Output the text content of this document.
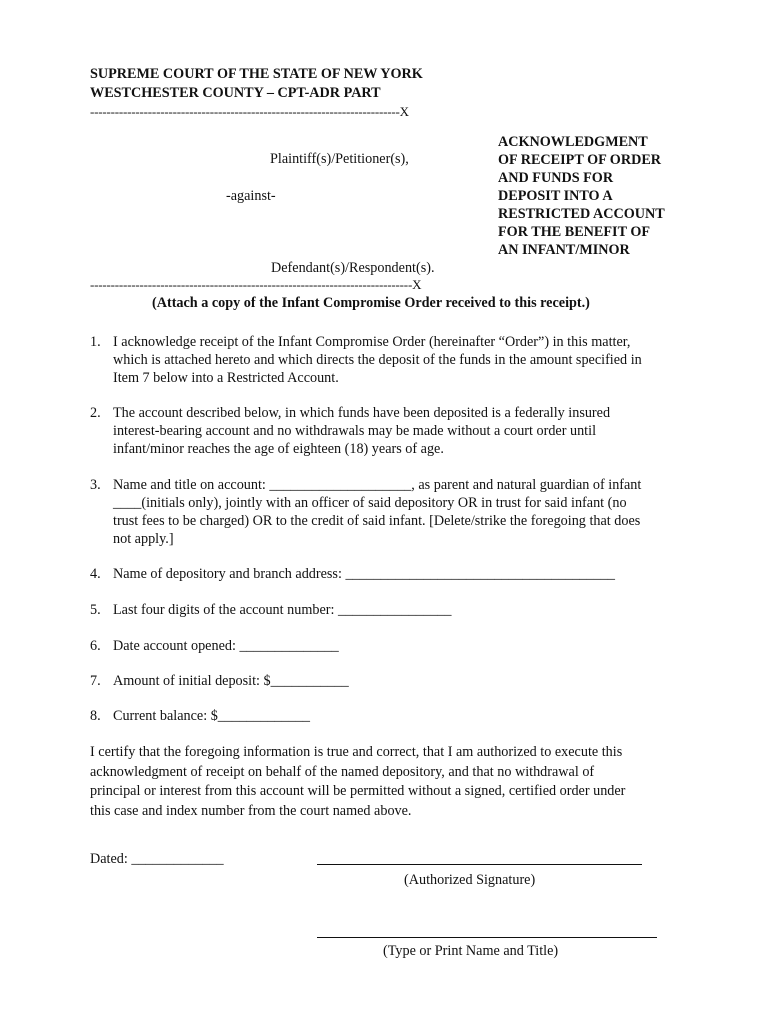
SUPREME COURT OF THE STATE OF NEW YORK
WESTCHESTER COUNTY – CPT-ADR PART
---------------------------------------------------------------------------X
Plaintiff(s)/Petitioner(s),
-against-
Defendant(s)/Respondent(s).
------------------------------------------------------------------------------X
ACKNOWLEDGMENT
OF RECEIPT OF ORDER
AND FUNDS FOR
DEPOSIT INTO A
RESTRICTED ACCOUNT
FOR THE BENEFIT OF
AN INFANT/MINOR
(Attach a copy of the Infant Compromise Order received to this receipt.)
1. I acknowledge receipt of the Infant Compromise Order (hereinafter “Order”) in this matter,
which is attached hereto and which directs the deposit of the funds in the amount specified in
Item 7 below into a Restricted Account.
2. The account described below, in which funds have been deposited is a federally insured
interest-bearing account and no withdrawals may be made without a court order until
infant/minor reaches the age of eighteen (18) years of age.
3. Name and title on account: ____________________, as parent and natural guardian of infant
____(initials only), jointly with an officer of said depository OR in trust for said infant (no
trust fees to be charged) OR to the credit of said infant. [Delete/strike the foregoing that does
not apply.]
4. Name of depository and branch address: ______________________________________
5. Last four digits of the account number: ________________
6. Date account opened: ______________
7. Amount of initial deposit: $___________
8. Current balance: $_____________
I certify that the foregoing information is true and correct, that I am authorized to execute this
acknowledgment of receipt on behalf of the named depository, and that no withdrawal of
principal or interest from this account will be permitted without a signed, certified order under
this case and index number from the court named above.
Dated: _____________
(Authorized Signature)
(Type or Print Name and Title)
